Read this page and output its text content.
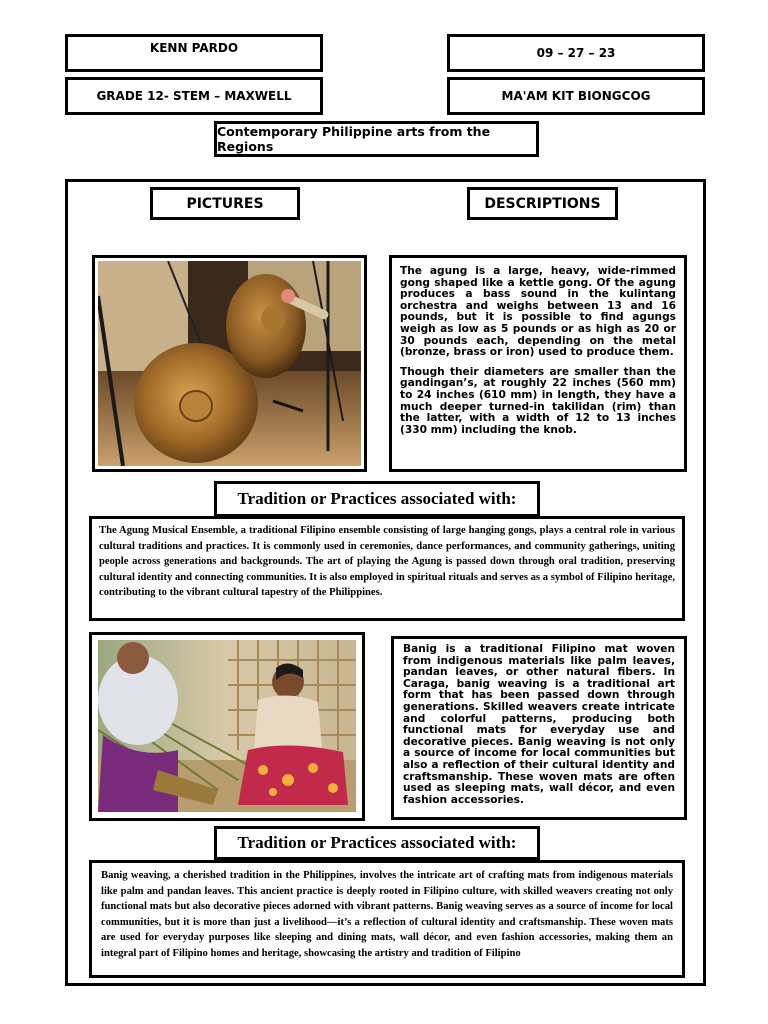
KENN PARDO	09 – 27 – 23
GRADE 12- STEM – MAXWELL	MA'AM KIT BIONGCOG
Contemporary Philippine arts from the Regions
PICTURES	DESCRIPTIONS

The agung is a large, heavy, wide-rimmed gong shaped like a kettle gong. Of the agung produces a bass sound in the kulintang orchestra and weighs between 13 and 16 pounds, but it is possible to find agungs weigh as low as 5 pounds or as high as 20 or 30 pounds each, depending on the metal (bronze, brass or iron) used to produce them.

Though their diameters are smaller than the gandingan’s, at roughly 22 inches (560 mm) to 24 inches (610 mm) in length, they have a much deeper turned-in takilidan (rim) than the latter, with a width of 12 to 13 inches (330 mm) including the knob.

Tradition or Practices associated with:
The Agung Musical Ensemble, a traditional Filipino ensemble consisting of large hanging gongs, plays a central role in various cultural traditions and practices. It is commonly used in ceremonies, dance performances, and community gatherings, uniting people across generations and backgrounds. The art of playing the Agung is passed down through oral tradition, preserving cultural identity and connecting communities. It is also employed in spiritual rituals and serves as a symbol of Filipino heritage, contributing to the vibrant cultural tapestry of the Philippines.
Banig is a traditional Filipino mat woven from indigenous materials like palm leaves, pandan leaves, or other natural fibers. In Caraga, banig weaving is a traditional art form that has been passed down through generations. Skilled weavers create intricate and colorful patterns, producing both functional mats for everyday use and decorative pieces. Banig weaving is not only a source of income for local communities but also a reflection of their cultural identity and craftsmanship. These woven mats are often used as sleeping mats, wall décor, and even fashion accessories.
Tradition or Practices associated with:
Banig weaving, a cherished tradition in the Philippines, involves the intricate art of crafting mats from indigenous materials like palm and pandan leaves. This ancient practice is deeply rooted in Filipino culture, with skilled weavers creating not only functional mats but also decorative pieces adorned with vibrant patterns. Banig weaving serves as a source of income for local communities, but it is more than just a livelihood—it’s a reflection of cultural identity and craftsmanship. These woven mats are used for everyday purposes like sleeping and dining mats, wall décor, and even fashion accessories, making them an integral part of Filipino homes and heritage, showcasing the artistry and tradition of Filipino
